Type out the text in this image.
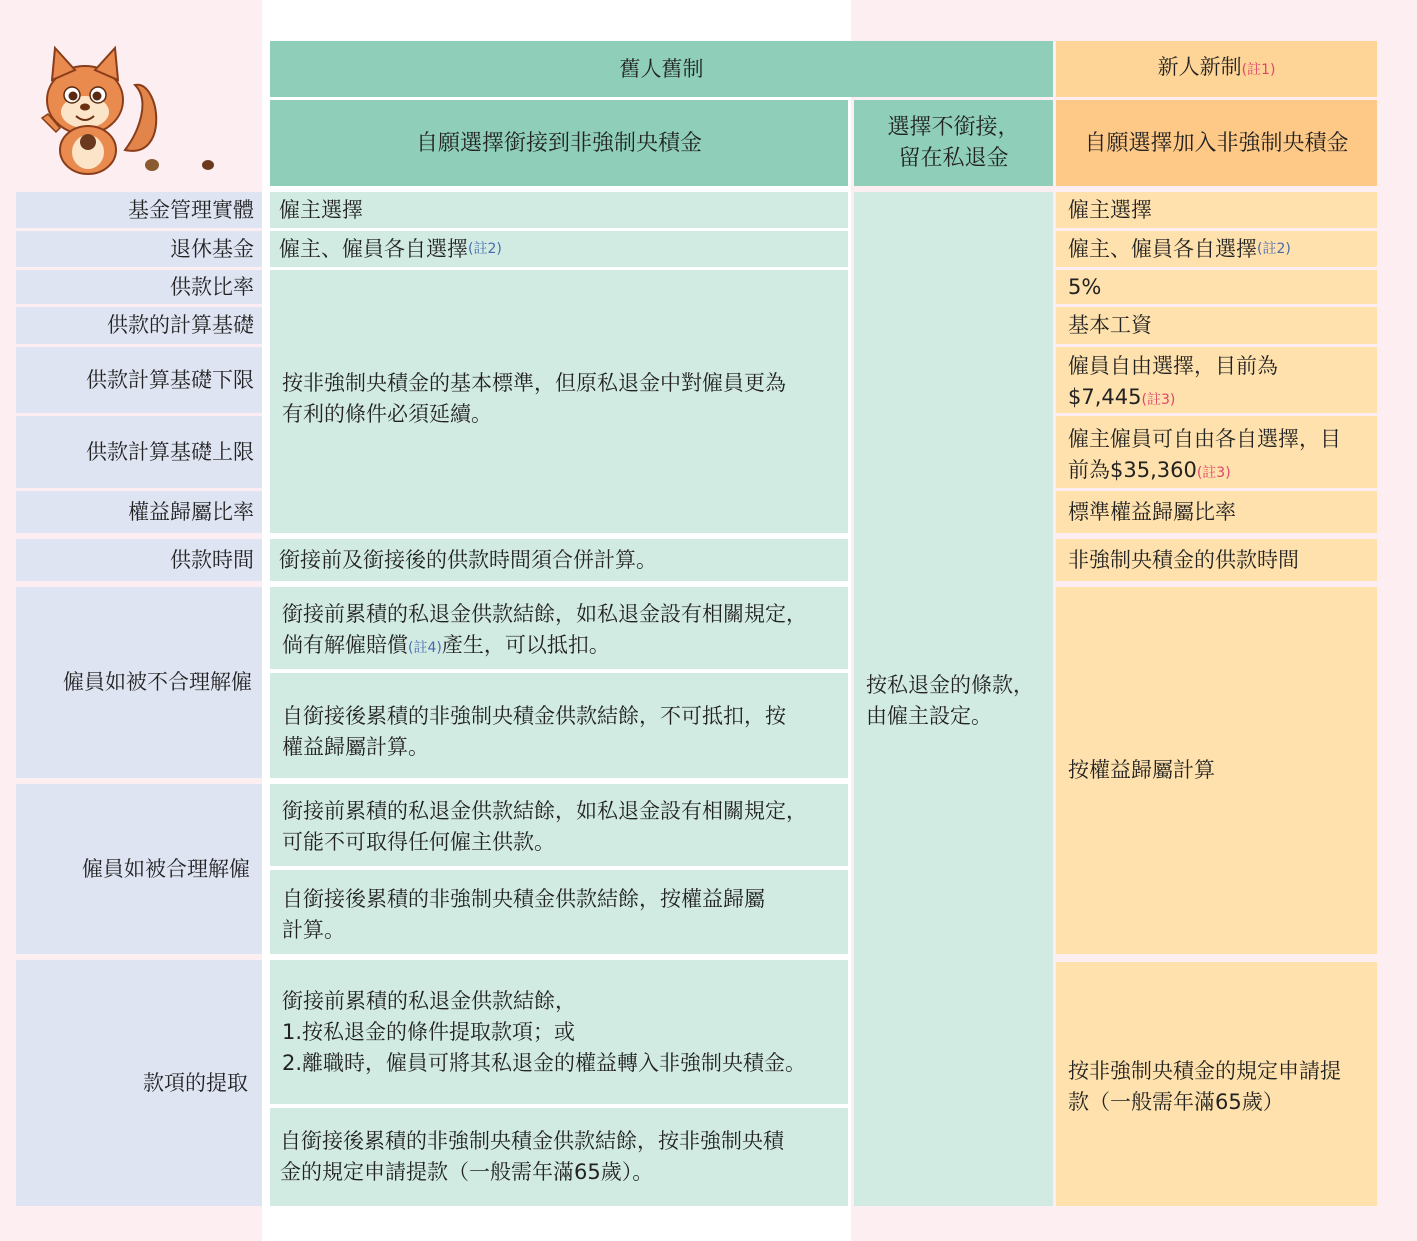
舊人舊制	新人新制(註1)
自願選擇銜接到非強制央積金
選擇不銜接，
留在私退金
自願選擇加入非強制央積金
基金管理實體
退休基金
供款比率
供款的計算基礎
供款計算基礎下限
供款計算基礎上限
權益歸屬比率
供款時間
僱員如被不合理解僱
僱員如被合理解僱
款項的提取
僱主選擇
僱主、僱員各自選擇 (註2)
按非強制央積金的基本標準，但原私退金中對僱員更為
有利的條件必須延續。
銜接前及銜接後的供款時間須合併計算。
銜接前累積的私退金供款結餘，如私退金設有相關規定，
倘有解僱賠償(註4)產生，可以抵扣。
自銜接後累積的非強制央積金供款結餘，不可抵扣，按
權益歸屬計算。
銜接前累積的私退金供款結餘，如私退金設有相關規定，
可能不可取得任何僱主供款。
自銜接後累積的非強制央積金供款結餘，按權益歸屬
計算。
銜接前累積的私退金供款結餘，
1.按私退金的條件提取款項；或
2.離職時，僱員可將其私退金的權益轉入非強制央積金。
自銜接後累積的非強制央積金供款結餘，按非強制央積
金的規定申請提款（一般需年滿65歲）。
按私退金的條款，
由僱主設定。
僱主選擇
僱主、僱員各自選擇 (註2)
5%
基本工資
僱員自由選擇，目前為
$7,445(註3)
僱主僱員可自由各自選擇，目
前為$35,360(註3)
標準權益歸屬比率
非強制央積金的供款時間
按權益歸屬計算
按非強制央積金的規定申請提
款（一般需年滿65歲）
